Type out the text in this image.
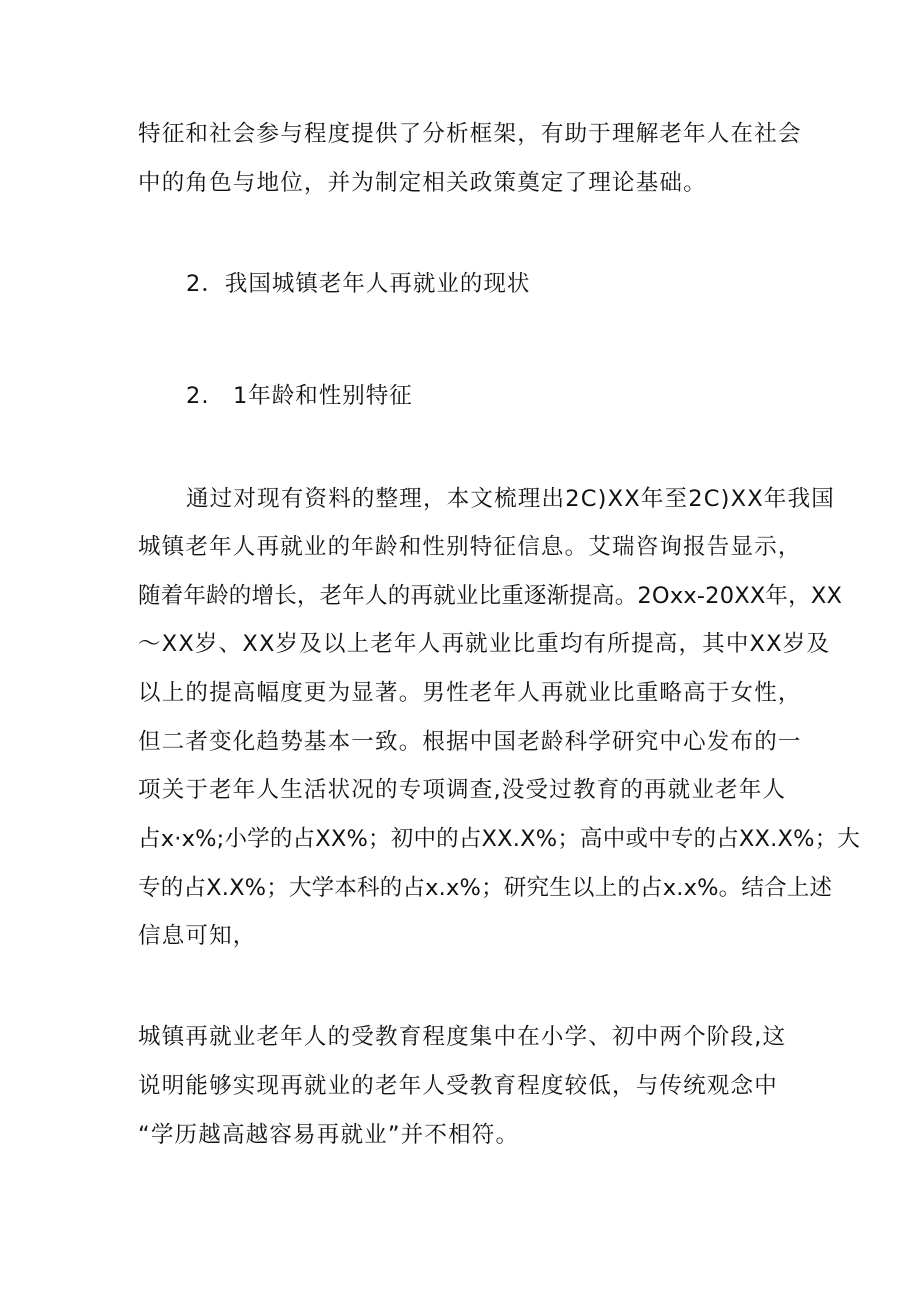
特征和社会参与程度提供了分析框架，有助于理解老年人在社会
中的角色与地位，并为制定相关政策奠定了理论基础。
2．我国城镇老年人再就业的现状
2.　1年龄和性别特征
通过对现有资料的整理，本文梳理出2C)XX年至2C)XX年我国
城镇老年人再就业的年龄和性别特征信息。艾瑞咨询报告显示，
随着年龄的增长，老年人的再就业比重逐渐提高。2Oxx-20XX年，XX
〜XX岁、XX岁及以上老年人再就业比重均有所提高，其中XX岁及
以上的提高幅度更为显著。男性老年人再就业比重略高于女性，
但二者变化趋势基本一致。根据中国老龄科学研究中心发布的一
项关于老年人生活状况的专项调查,没受过教育的再就业老年人
占x·x%;小学的占XX%；初中的占XX.X%；高中或中专的占XX.X%；大
专的占X.X%；大学本科的占x.x%；研究生以上的占x.x%。结合上述
信息可知，
城镇再就业老年人的受教育程度集中在小学、初中两个阶段,这
说明能够实现再就业的老年人受教育程度较低，与传统观念中
“学历越高越容易再就业”并不相符。
